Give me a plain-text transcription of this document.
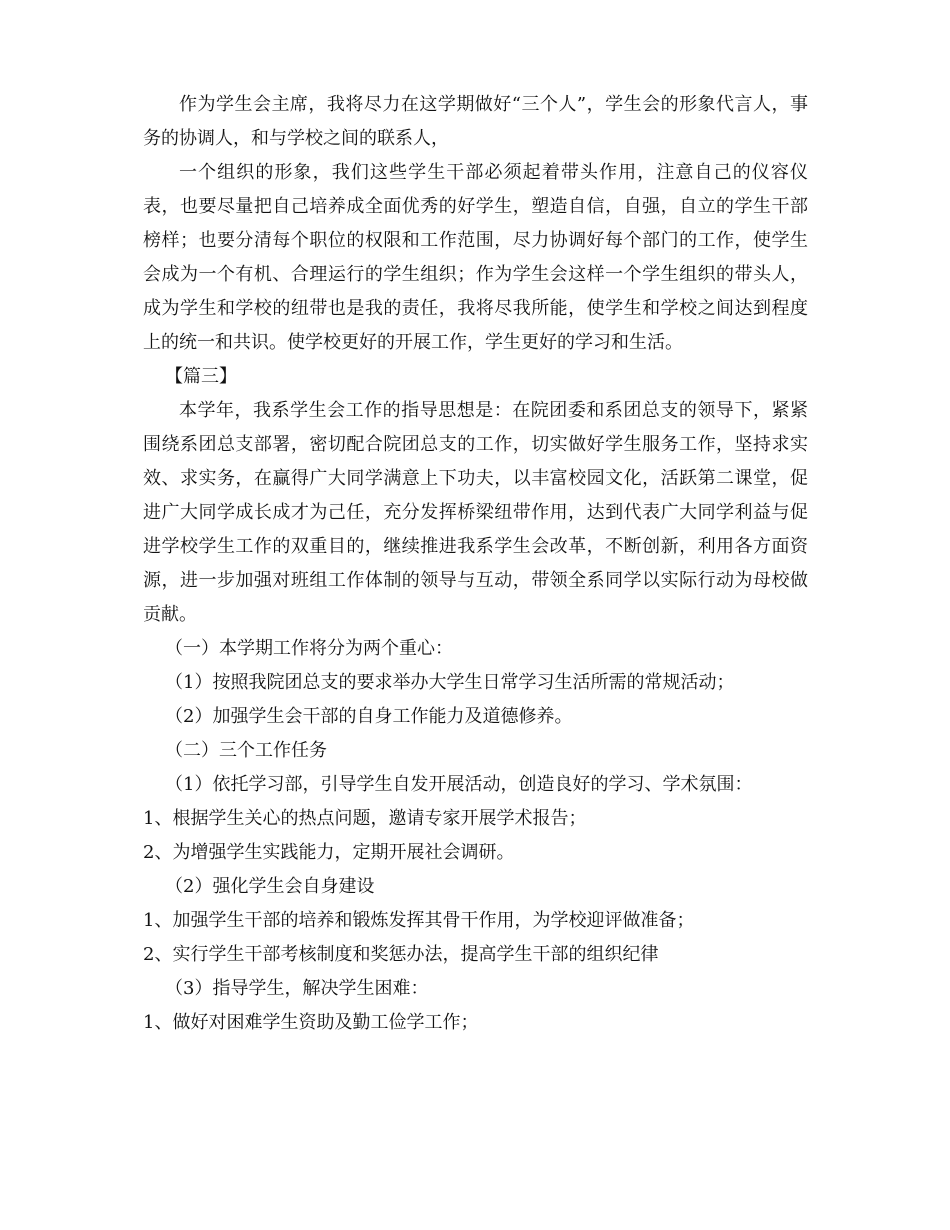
作为学生会主席，我将尽力在这学期做好“三个人”，学生会的形象代言人，事务的协调人，和与学校之间的联系人，

一个组织的形象，我们这些学生干部必须起着带头作用，注意自己的仪容仪表，也要尽量把自己培养成全面优秀的好学生，塑造自信，自强，自立的学生干部榜样；也要分清每个职位的权限和工作范围，尽力协调好每个部门的工作，使学生会成为一个有机、合理运行的学生组织；作为学生会这样一个学生组织的带头人，成为学生和学校的纽带也是我的责任，我将尽我所能，使学生和学校之间达到程度上的统一和共识。使学校更好的开展工作，学生更好的学习和生活。

【篇三】

本学年，我系学生会工作的指导思想是：在院团委和系团总支的领导下，紧紧围绕系团总支部署，密切配合院团总支的工作，切实做好学生服务工作，坚持求实效、求实务，在赢得广大同学满意上下功夫，以丰富校园文化，活跃第二课堂，促进广大同学成长成才为己任，充分发挥桥梁纽带作用，达到代表广大同学利益与促进学校学生工作的双重目的，继续推进我系学生会改革，不断创新，利用各方面资源，进一步加强对班组工作体制的领导与互动，带领全系同学以实际行动为母校做贡献。

（一）本学期工作将分为两个重心：

（1）按照我院团总支的要求举办大学生日常学习生活所需的常规活动；

（2）加强学生会干部的自身工作能力及道德修养。

（二）三个工作任务

（1）依托学习部，引导学生自发开展活动，创造良好的学习、学术氛围：

1、根据学生关心的热点问题，邀请专家开展学术报告；

2、为增强学生实践能力，定期开展社会调研。

（2）强化学生会自身建设

1、加强学生干部的培养和锻炼发挥其骨干作用，为学校迎评做准备；

2、实行学生干部考核制度和奖惩办法，提高学生干部的组织纪律

（3）指导学生，解决学生困难：

1、做好对困难学生资助及勤工俭学工作；
